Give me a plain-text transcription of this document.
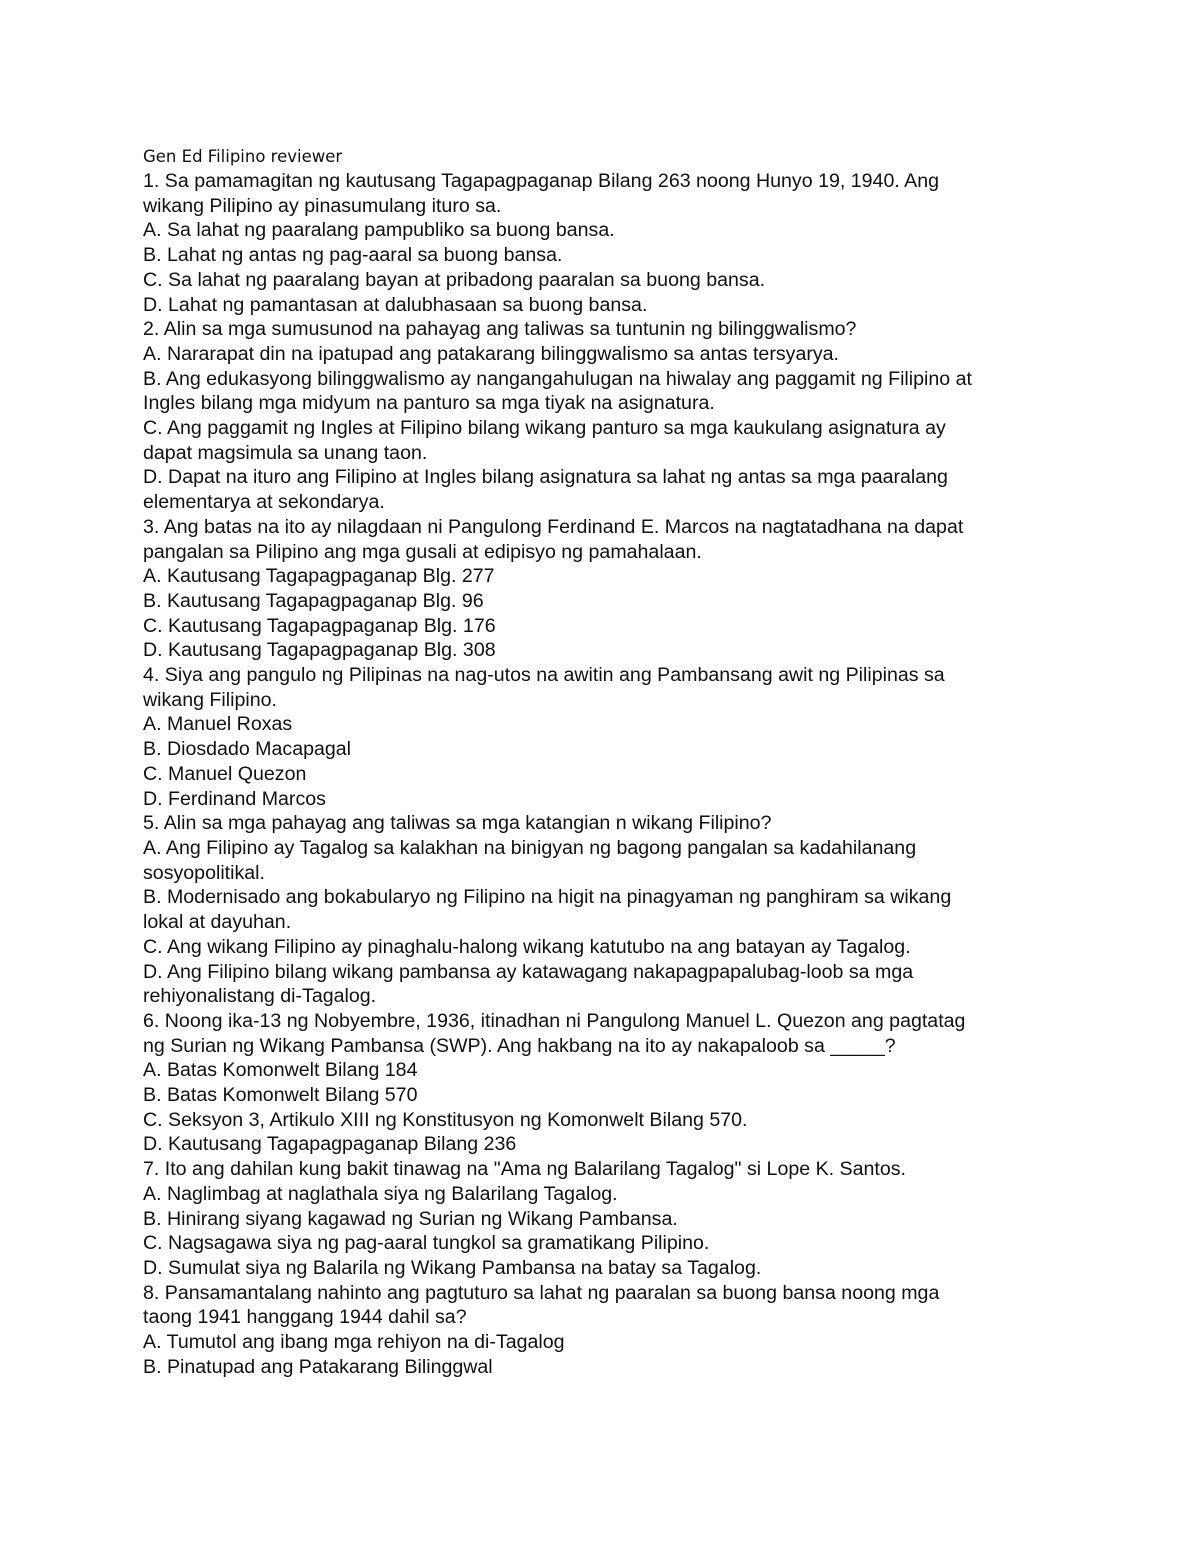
Gen Ed Filipino reviewer

1. Sa pamamagitan ng kautusang Tagapagpaganap Bilang 263 noong Hunyo 19, 1940. Ang

wikang Pilipino ay pinasumulang ituro sa.

A. Sa lahat ng paaralang pampubliko sa buong bansa.

B. Lahat ng antas ng pag-aaral sa buong bansa.

C. Sa lahat ng paaralang bayan at pribadong paaralan sa buong bansa.

D. Lahat ng pamantasan at dalubhasaan sa buong bansa.

2. Alin sa mga sumusunod na pahayag ang taliwas sa tuntunin ng bilinggwalismo?

A. Nararapat din na ipatupad ang patakarang bilinggwalismo sa antas tersyarya.

B. Ang edukasyong bilinggwalismo ay nangangahulugan na hiwalay ang paggamit ng Filipino at

Ingles bilang mga midyum na panturo sa mga tiyak na asignatura.

C. Ang paggamit ng Ingles at Filipino bilang wikang panturo sa mga kaukulang asignatura ay

dapat magsimula sa unang taon.

D. Dapat na ituro ang Filipino at Ingles bilang asignatura sa lahat ng antas sa mga paaralang

elementarya at sekondarya.

3. Ang batas na ito ay nilagdaan ni Pangulong Ferdinand E. Marcos na nagtatadhana na dapat

pangalan sa Pilipino ang mga gusali at edipisyo ng pamahalaan.

A. Kautusang Tagapagpaganap Blg. 277

B. Kautusang Tagapagpaganap Blg. 96

C. Kautusang Tagapagpaganap Blg. 176

D. Kautusang Tagapagpaganap Blg. 308

4. Siya ang pangulo ng Pilipinas na nag-utos na awitin ang Pambansang awit ng Pilipinas sa

wikang Filipino.

A. Manuel Roxas

B. Diosdado Macapagal

C. Manuel Quezon

D. Ferdinand Marcos

5. Alin sa mga pahayag ang taliwas sa mga katangian n wikang Filipino?

A. Ang Filipino ay Tagalog sa kalakhan na binigyan ng bagong pangalan sa kadahilanang

sosyopolitikal.

B. Modernisado ang bokabularyo ng Filipino na higit na pinagyaman ng panghiram sa wikang

lokal at dayuhan.

C. Ang wikang Filipino ay pinaghalu-halong wikang katutubo na ang batayan ay Tagalog.

D. Ang Filipino bilang wikang pambansa ay katawagang nakapagpapalubag-loob sa mga

rehiyonalistang di-Tagalog.

6. Noong ika-13 ng Nobyembre, 1936, itinadhan ni Pangulong Manuel L. Quezon ang pagtatag

ng Surian ng Wikang Pambansa (SWP). Ang hakbang na ito ay nakapaloob sa _____?

A. Batas Komonwelt Bilang 184

B. Batas Komonwelt Bilang 570

C. Seksyon 3, Artikulo XIII ng Konstitusyon ng Komonwelt Bilang 570.

D. Kautusang Tagapagpaganap Bilang 236

7. Ito ang dahilan kung bakit tinawag na "Ama ng Balarilang Tagalog" si Lope K. Santos.

A. Naglimbag at naglathala siya ng Balarilang Tagalog.

B. Hinirang siyang kagawad ng Surian ng Wikang Pambansa.

C. Nagsagawa siya ng pag-aaral tungkol sa gramatikang Pilipino.

D. Sumulat siya ng Balarila ng Wikang Pambansa na batay sa Tagalog.

8. Pansamantalang nahinto ang pagtuturo sa lahat ng paaralan sa buong bansa noong mga

taong 1941 hanggang 1944 dahil sa?

A. Tumutol ang ibang mga rehiyon na di-Tagalog

B. Pinatupad ang Patakarang Bilinggwal
